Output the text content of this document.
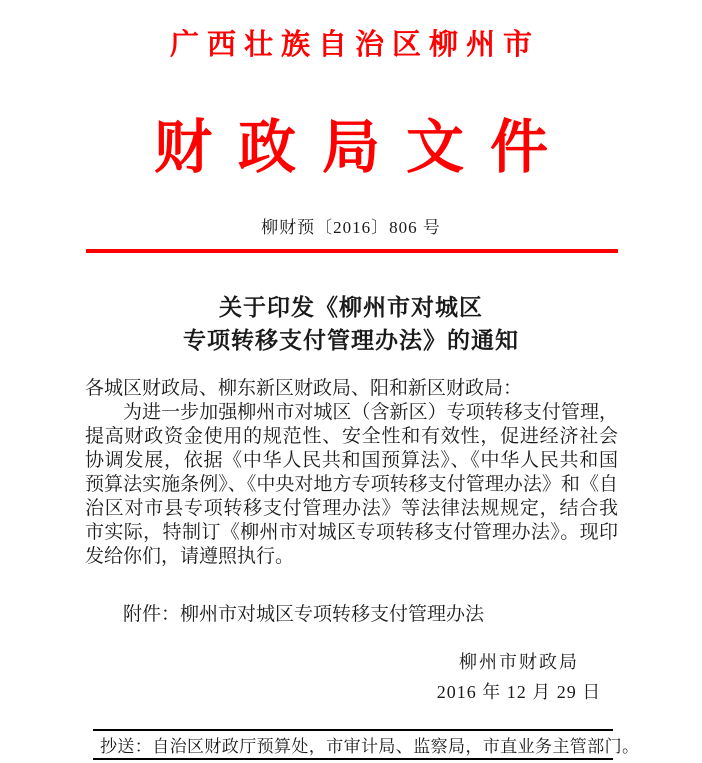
广西壮族自治区柳州市
财政局文件
柳财预〔2016〕806 号
关于印发《柳州市对城区
专项转移支付管理办法》的通知
各城区财政局、柳东新区财政局、阳和新区财政局：
为进一步加强柳州市对城区（含新区）专项转移支付管理，
提高财政资金使用的规范性、安全性和有效性，促进经济社会
协调发展，依据《中华人民共和国预算法》、《中华人民共和国
预算法实施条例》、《中央对地方专项转移支付管理办法》和《自
治区对市县专项转移支付管理办法》等法律法规规定，结合我
市实际，特制订《柳州市对城区专项转移支付管理办法》。现印
发给你们，请遵照执行。
附件：柳州市对城区专项转移支付管理办法
柳州市财政局
2016 年 12 月 29 日
抄送：自治区财政厅预算处，市审计局、监察局，市直业务主管部门。
